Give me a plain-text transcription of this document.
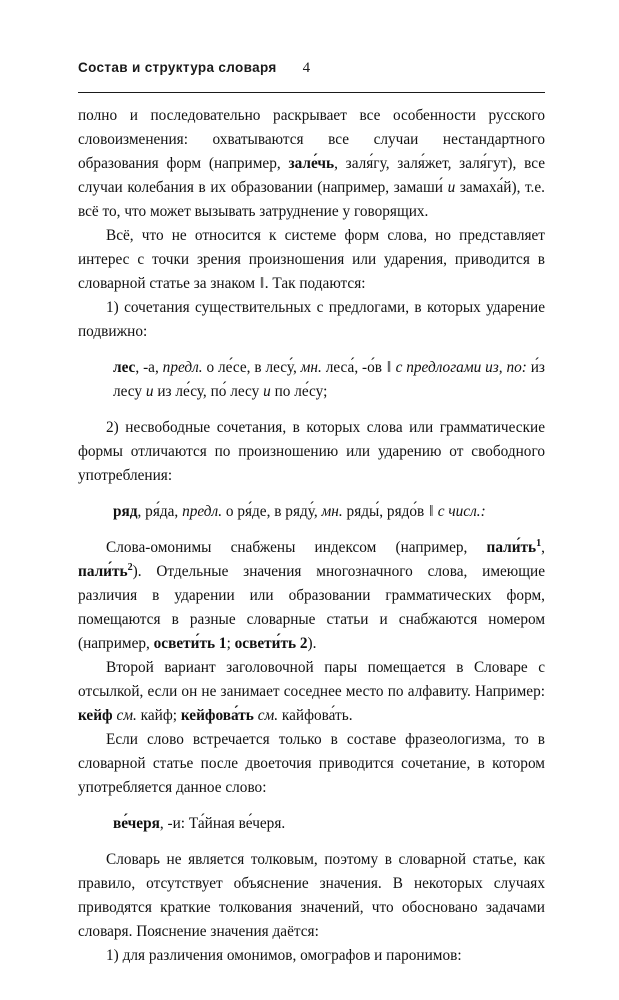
Состав и структура словаря 4

полно и последовательно раскрывает все особенности русского словоизменения: охватываются все случаи нестандартного образования форм (например, зале́чь, заля́гу, заля́жет, заля́гут), все случаи колебания в их образовании (например, замаши́ и замаха́й), т.е. всё то, что может вызывать затруднение у говорящих.

Всё, что не относится к системе форм слова, но представляет интерес с точки зрения произношения или ударения, приводится в словарной статье за знаком ‖. Так подаются:

1) сочетания существительных с предлогами, в которых ударение подвижно:

лес, -а, предл. о ле́се, в лесу́, мн. леса́, -о́в ‖ с предлогами из, по: и́з лесу и из ле́су, по́ лесу и по ле́су;

2) несвободные сочетания, в которых слова или грамматические формы отличаются по произношению или ударению от свободного употребления:

ряд, ря́да, предл. о ря́де, в ряду́, мн. ряды́, рядо́в ‖ с числ.:

Слова-омонимы снабжены индексом (например, $пали́ть^1$, $пали́ть^2$). Отдельные значения многозначного слова, имеющие различия в ударении или образовании грамматических форм, помещаются в разные словарные статьи и снабжаются номером (например, освети́ть 1; освети́ть 2).

Второй вариант заголовочной пары помещается в Словаре с отсылкой, если он не занимает соседнее место по алфавиту. Например: кейф см. кайф; кейфова́ть см. кайфова́ть.

Если слово встречается только в составе фразеологизма, то в словарной статье после двоеточия приводится сочетание, в котором употребляется данное слово:

ве́черя, -и: Та́йная ве́черя.

Словарь не является толковым, поэтому в словарной статье, как правило, отсутствует объяснение значения. В некоторых случаях приводятся краткие толкования значений, что обосновано задачами словаря. Пояснение значения даётся:

1) для различения омонимов, омографов и паронимов:
